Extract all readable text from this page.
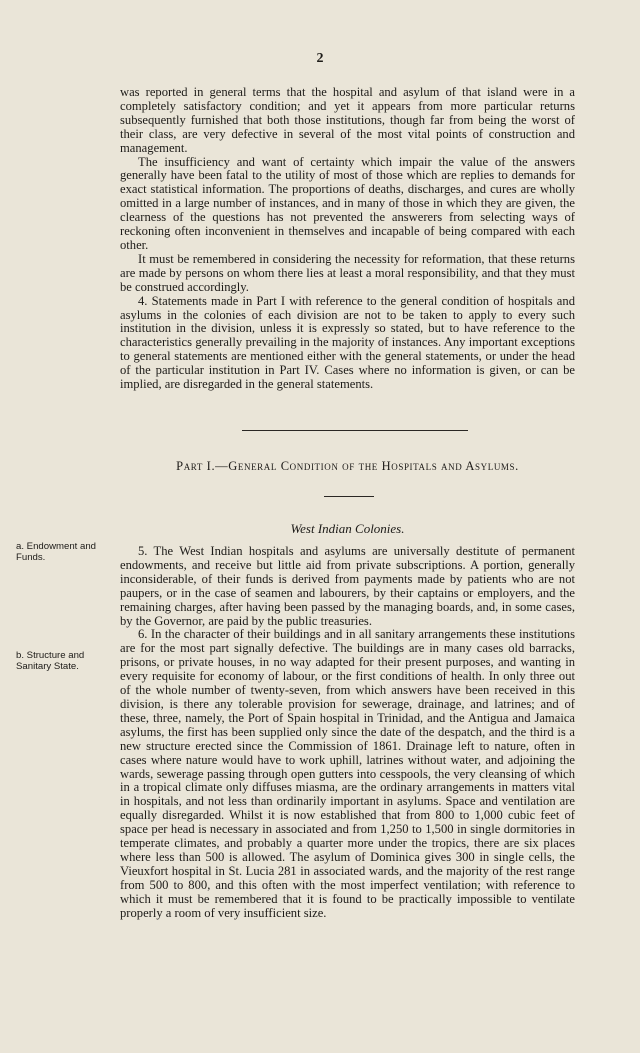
2

was reported in general terms that the hospital and asylum of that island were in a completely satisfactory condition; and yet it appears from more particular returns subsequently furnished that both those institutions, though far from being the worst of their class, are very defective in several of the most vital points of construction and management.

The insufficiency and want of certainty which impair the value of the answers generally have been fatal to the utility of most of those which are replies to demands for exact statistical information. The proportions of deaths, discharges, and cures are wholly omitted in a large number of instances, and in many of those in which they are given, the clearness of the questions has not prevented the answerers from selecting ways of reckoning often inconvenient in themselves and incapable of being compared with each other.

It must be remembered in considering the necessity for reformation, that these returns are made by persons on whom there lies at least a moral responsibility, and that they must be construed accordingly.

4. Statements made in Part I with reference to the general condition of hospitals and asylums in the colonies of each division are not to be taken to apply to every such institution in the division, unless it is expressly so stated, but to have reference to the characteristics generally prevailing in the majority of instances. Any important exceptions to general statements are mentioned either with the general statements, or under the head of the particular institution in Part IV. Cases where no information is given, or can be implied, are disregarded in the general statements.

Part I.—General Condition of the Hospitals and Asylums.
West Indian Colonies.
a. Endowment and Funds.
b. Structure and Sanitary State.

5. The West Indian hospitals and asylums are universally destitute of permanent endowments, and receive but little aid from private subscriptions. A portion, generally inconsiderable, of their funds is derived from payments made by patients who are not paupers, or in the case of seamen and labourers, by their captains or employers, and the remaining charges, after having been passed by the managing boards, and, in some cases, by the Governor, are paid by the public treasuries.

6. In the character of their buildings and in all sanitary arrangements these institutions are for the most part signally defective. The buildings are in many cases old barracks, prisons, or private houses, in no way adapted for their present purposes, and wanting in every requisite for economy of labour, or the first conditions of health. In only three out of the whole number of twenty-seven, from which answers have been received in this division, is there any tolerable provision for sewerage, drainage, and latrines; and of these, three, namely, the Port of Spain hospital in Trinidad, and the Antigua and Jamaica asylums, the first has been supplied only since the date of the despatch, and the third is a new structure erected since the Commission of 1861. Drainage left to nature, often in cases where nature would have to work uphill, latrines without water, and adjoining the wards, sewerage passing through open gutters into cesspools, the very cleansing of which in a tropical climate only diffuses miasma, are the ordinary arrangements in matters vital in hospitals, and not less than ordinarily important in asylums. Space and ventilation are equally disregarded. Whilst it is now established that from 800 to 1,000 cubic feet of space per head is necessary in associated and from 1,250 to 1,500 in single dormitories in temperate climates, and probably a quarter more under the tropics, there are six places where less than 500 is allowed. The asylum of Dominica gives 300 in single cells, the Vieuxfort hospital in St. Lucia 281 in associated wards, and the majority of the rest range from 500 to 800, and this often with the most imperfect ventilation; with reference to which it must be remembered that it is found to be practically impossible to ventilate properly a room of very insufficient size.
